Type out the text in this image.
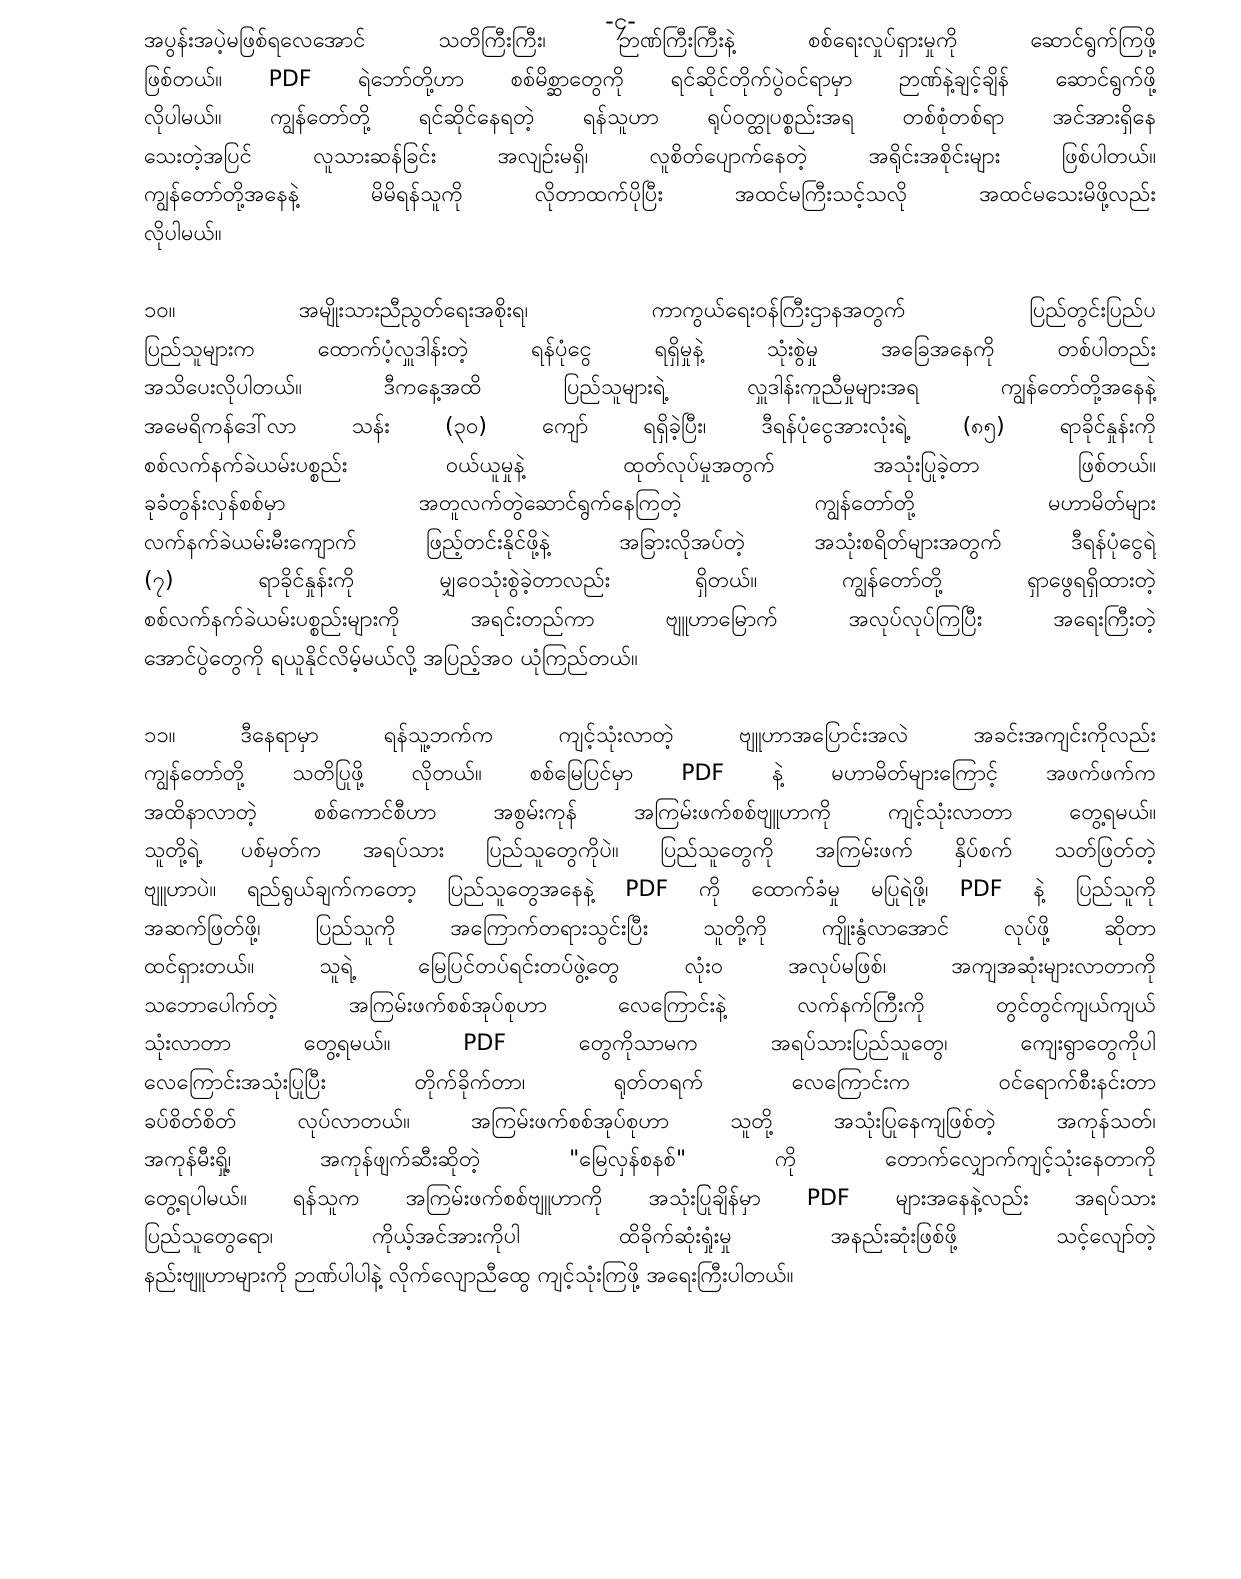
-၄-
အပွန်းအပဲ့မဖြစ်ရလေအောင် သတိကြီးကြီး၊ ဉာဏ်ကြီးကြီးနဲ့ စစ်ရေးလှုပ်ရှားမှုကို ဆောင်ရွက်ကြဖို့
ဖြစ်တယ်။ PDF ရဲဘော်တို့ဟာ စစ်မိစ္ဆာတွေကို ရင်ဆိုင်တိုက်ပွဲဝင်ရာမှာ ဉာဏ်နဲ့ချင့်ချိန် ဆောင်ရွက်ဖို့
လိုပါမယ်။ ကျွန်တော်တို့ ရင်ဆိုင်နေရတဲ့ ရန်သူဟာ ရုပ်ဝတ္ထုပစ္စည်းအရ တစ်စုံတစ်ရာ အင်အားရှိနေ
သေးတဲ့အပြင် လူသားဆန်ခြင်း အလျဉ်းမရှိ၊ လူစိတ်ပျောက်နေတဲ့ အရိုင်းအစိုင်းများ ဖြစ်ပါတယ်။
ကျွန်တော်တို့အနေနဲ့ မိမိရန်သူကို လိုတာထက်ပိုပြီး အထင်မကြီးသင့်သလို အထင်မသေးမိဖို့လည်း
လိုပါမယ်။
၁၀။ အမျိုးသားညီညွတ်ရေးအစိုးရ၊ ကာကွယ်ရေးဝန်ကြီးဌာနအတွက် ပြည်တွင်းပြည်ပ
ပြည်သူများက ထောက်ပံ့လှူဒါန်းတဲ့ ရန်ပုံငွေ ရရှိမှုနဲ့ သုံးစွဲမှု အခြေအနေကို တစ်ပါတည်း
အသိပေးလိုပါတယ်။ ဒီကနေ့အထိ ပြည်သူများရဲ့ လှူဒါန်းကူညီမှုများအရ ကျွန်တော်တို့အနေနဲ့
အမေရိကန်ဒေါ်လာ သန်း (၃၀) ကျော် ရရှိခဲ့ပြီး၊ ဒီရန်ပုံငွေအားလုံးရဲ့ (၈၅) ရာခိုင်နှုန်းကို
စစ်လက်နက်ခဲယမ်းပစ္စည်း ဝယ်ယူမှုနဲ့ ထုတ်လုပ်မှုအတွက် အသုံးပြုခဲ့တာ ဖြစ်တယ်။
ခုခံတွန်းလှန်စစ်မှာ အတူလက်တွဲဆောင်ရွက်နေကြတဲ့ ကျွန်တော်တို့ မဟာမိတ်များ
လက်နက်ခဲယမ်းမီးကျောက် ဖြည့်တင်းနိုင်ဖို့နဲ့ အခြားလိုအပ်တဲ့ အသုံးစရိတ်များအတွက် ဒီရန်ပုံငွေရဲ့
(၇) ရာခိုင်နှုန်းကို မျှဝေသုံးစွဲခဲ့တာလည်း ရှိတယ်။ ကျွန်တော်တို့ ရှာဖွေရရှိထားတဲ့
စစ်လက်နက်ခဲယမ်းပစ္စည်းများကို အရင်းတည်ကာ ဗျူဟာမြောက် အလုပ်လုပ်ကြပြီး အရေးကြီးတဲ့
အောင်ပွဲတွေကို ရယူနိုင်လိမ့်မယ်လို့ အပြည့်အဝ ယုံကြည်တယ်။
၁၁။ ဒီနေရာမှာ ရန်သူ့ဘက်က ကျင့်သုံးလာတဲ့ ဗျူဟာအပြောင်းအလဲ အခင်းအကျင်းကိုလည်း
ကျွန်တော်တို့ သတိပြုဖို့ လိုတယ်။ စစ်မြေပြင်မှာ PDF နဲ့ မဟာမိတ်များကြောင့် အဖက်ဖက်က
အထိနာလာတဲ့ စစ်ကောင်စီဟာ အစွမ်းကုန် အကြမ်းဖက်စစ်ဗျူဟာကို ကျင့်သုံးလာတာ တွေ့ရမယ်။
သူတို့ရဲ့ ပစ်မှတ်က အရပ်သား ပြည်သူတွေကိုပဲ။ ပြည်သူတွေကို အကြမ်းဖက် နှိပ်စက် သတ်ဖြတ်တဲ့
ဗျူဟာပဲ။ ရည်ရွယ်ချက်ကတော့ ပြည်သူတွေအနေနဲ့ PDF ကို ထောက်ခံမှု မပြုရဲဖို့၊ PDF နဲ့ ပြည်သူကို
အဆက်ဖြတ်ဖို့၊ ပြည်သူကို အကြောက်တရားသွင်းပြီး သူတို့ကို ကျိုးနွံလာအောင် လုပ်ဖို့ ဆိုတာ
ထင်ရှားတယ်။ သူရဲ့ မြေပြင်တပ်ရင်းတပ်ဖွဲ့တွေ လုံးဝ အလုပ်မဖြစ်၊ အကျအဆုံးများလာတာကို
သဘောပေါက်တဲ့ အကြမ်းဖက်စစ်အုပ်စုဟာ လေကြောင်းနဲ့ လက်နက်ကြီးကို တွင်တွင်ကျယ်ကျယ်
သုံးလာတာ တွေ့ရမယ်။ PDF တွေကိုသာမက အရပ်သားပြည်သူတွေ၊ ကျေးရွာတွေကိုပါ
လေကြောင်းအသုံးပြုပြီး တိုက်ခိုက်တာ၊ ရုတ်တရက် လေကြောင်းက ဝင်ရောက်စီးနင်းတာ
ခပ်စိတ်စိတ် လုပ်လာတယ်။ အကြမ်းဖက်စစ်အုပ်စုဟာ သူတို့ အသုံးပြုနေကျဖြစ်တဲ့ အကုန်သတ်၊
အကုန်မီးရှို့၊ အကုန်ဖျက်ဆီးဆိုတဲ့ "မြေလှန်စနစ်" ကို တောက်လျှောက်ကျင့်သုံးနေတာကို
တွေ့ရပါမယ်။ ရန်သူက အကြမ်းဖက်စစ်ဗျူဟာကို အသုံးပြုချိန်မှာ PDF များအနေနဲ့လည်း အရပ်သား
ပြည်သူတွေရော၊ ကိုယ့်အင်အားကိုပါ ထိခိုက်ဆုံးရှုံးမှု အနည်းဆုံးဖြစ်ဖို့ သင့်လျော်တဲ့
နည်းဗျူဟာများကို ဉာဏ်ပါပါနဲ့ လိုက်လျောညီထွေ ကျင့်သုံးကြဖို့ အရေးကြီးပါတယ်။
